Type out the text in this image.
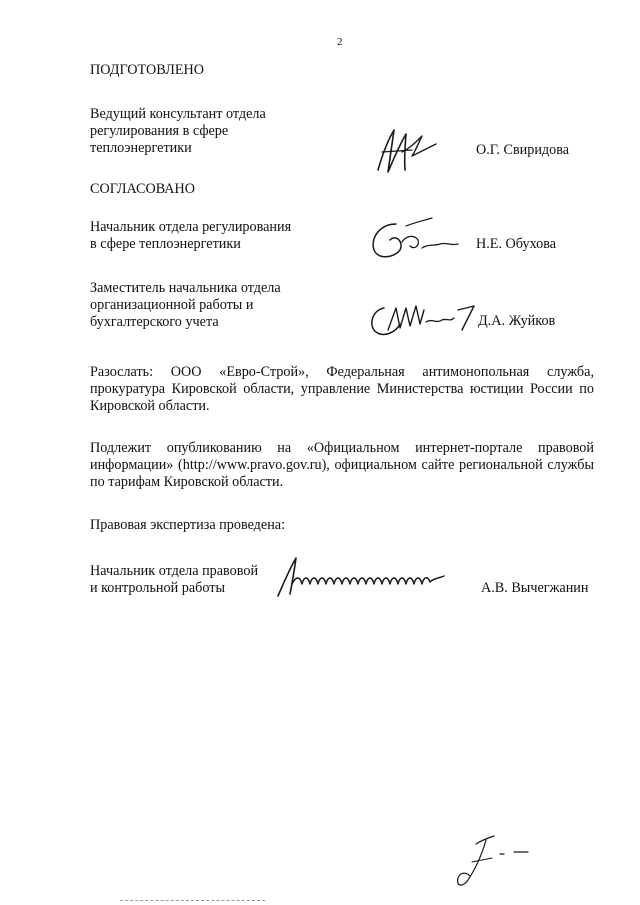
2
ПОДГОТОВЛЕНО
Ведущий консультант отдела
регулирования в сфере
теплоэнергетики	О.Г. Свиридова
СОГЛАСОВАНО
Начальник отдела регулирования
в сфере теплоэнергетики	Н.Е. Обухова
Заместитель начальника отдела
организационной работы и
бухгалтерского учета	Д.А. Жуйков
Разослать: ООО «Евро-Строй», Федеральная антимонопольная служба, прокуратура Кировской области, управление Министерства юстиции России по Кировской области.
Подлежит опубликованию на «Официальном интернет-портале правовой информации» (http://www.pravo.gov.ru), официальном сайте региональной службы по тарифам Кировской области.
Правовая экспертиза проведена:
Начальник отдела правовой
и контрольной работы	А.В. Вычегжанин
